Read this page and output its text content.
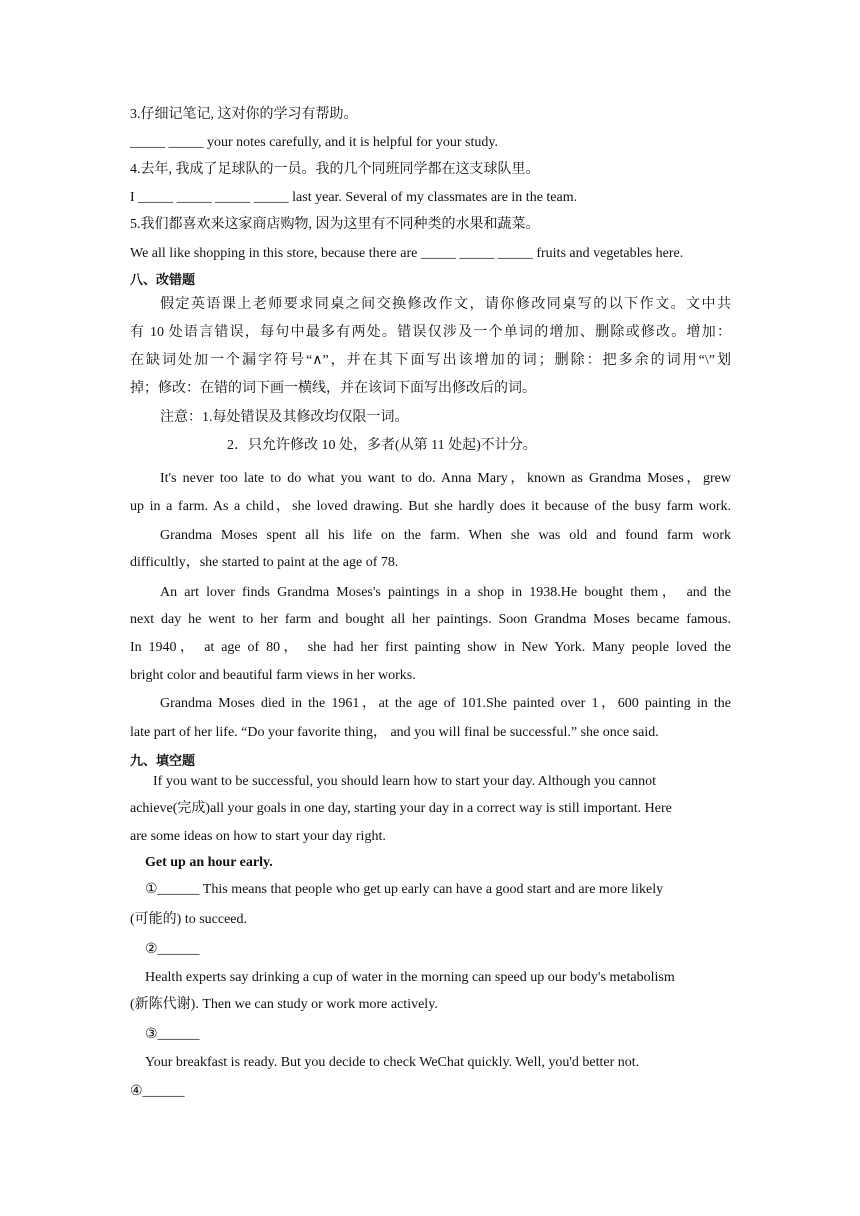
3.仔细记笔记, 这对你的学习有帮助。
_____ _____ your notes carefully, and it is helpful for your study.
4.去年, 我成了足球队的一员。我的几个同班同学都在这支球队里。
I _____ _____ _____ _____ last year. Several of my classmates are in the team.
5.我们都喜欢来这家商店购物, 因为这里有不同种类的水果和蔬菜。
We all like shopping in this store, because there are _____ _____ _____ fruits and vegetables here.
八、改错题
假定英语课上老师要求同桌之间交换修改作文，请你修改同桌写的以下作文。文中共
有 10 处语言错误，每句中最多有两处。错误仅涉及一个单词的增加、删除或修改。增加：
在缺词处加一个漏字符号“∧”，并在其下面写出该增加的词；删除：把多余的词用“\”划
掉；修改：在错的词下画一横线，并在该词下面写出修改后的词。
注意：1.每处错误及其修改均仅限一词。
2．只允许修改 10 处，多者(从第 11 处起)不计分。
It's never too late to do what you want to do. Anna Mary，known as Grandma Moses，grew
up in a farm. As a child，she loved drawing. But she hardly does it because of the busy farm work.
Grandma Moses spent all his life on the farm. When she was old and found farm work
difficultly，she started to paint at the age of 78.
An art lover finds Grandma Moses's paintings in a shop in 1938.He bought them， and the
next day he went to her farm and bought all her paintings. Soon Grandma Moses became famous.
In 1940， at age of 80， she had her first painting show in New York. Many people loved the
bright color and beautiful farm views in her works.
Grandma Moses died in the 1961，at the age of 101.She painted over 1，600 painting in the
late part of her life. “Do your favorite thing， and you will final be successful.” she once said.
九、填空题
If you want to be successful, you should learn how to start your day. Although you cannot
achieve(完成)all your goals in one day, starting your day in a correct way is still important. Here
are some ideas on how to start your day right.
Get up an hour early.
①______ This means that people who get up early can have a good start and are more likely
(可能的) to succeed.
②______
Health experts say drinking a cup of water in the morning can speed up our body's metabolism
(新陈代谢). Then we can study or work more actively.
③______
Your breakfast is ready. But you decide to check WeChat quickly. Well, you'd better not.
④______
